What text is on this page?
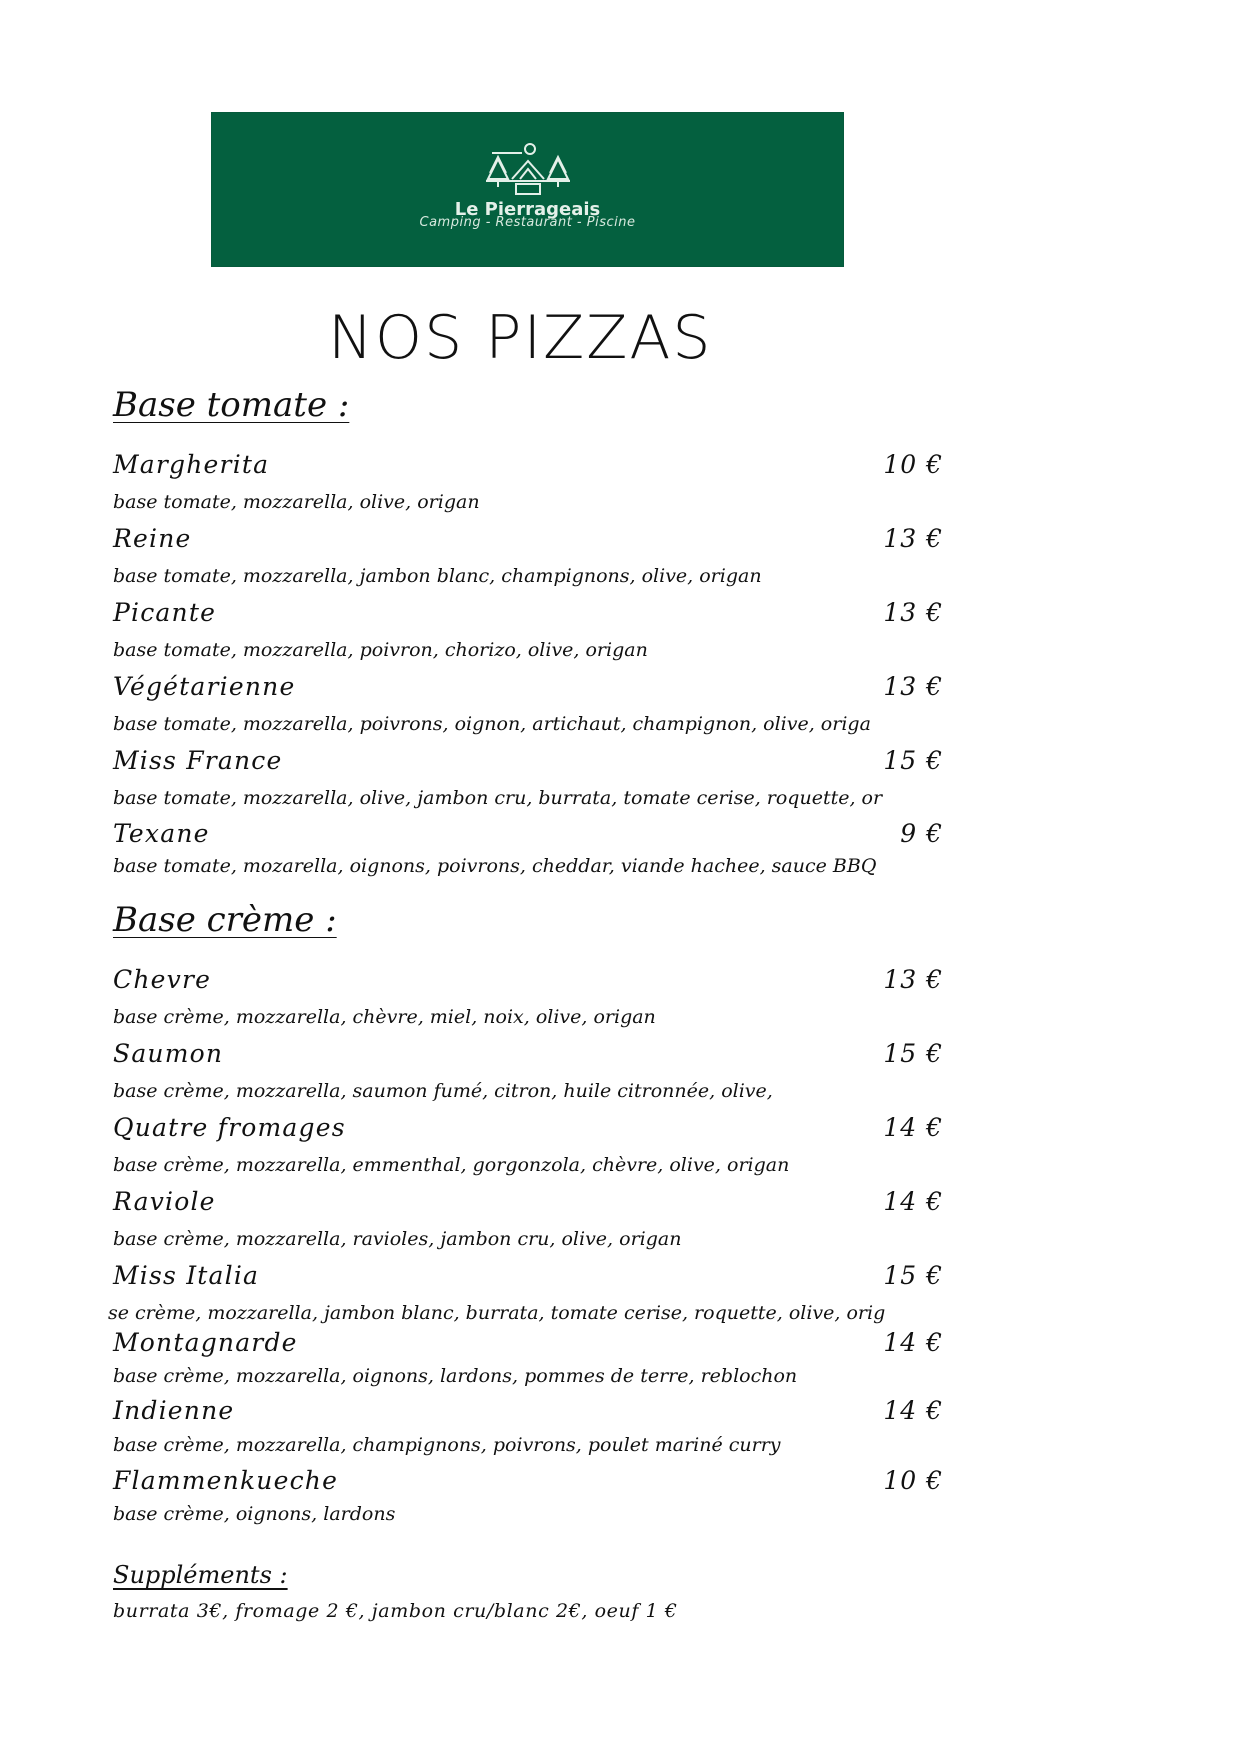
Le Pierrageais
Camping - Restaurant - Piscine
NOS PIZZAS
Base tomate :
Margherita	10 €
base tomate, mozzarella, olive, origan
Reine	13 €
base tomate, mozzarella, jambon blanc, champignons, olive, origan
Picante	13 €
base tomate, mozzarella, poivron, chorizo, olive, origan
Végétarienne	13 €
base tomate, mozzarella, poivrons, oignon, artichaut, champignon, olive, origa
Miss France	15 €
base tomate, mozzarella, olive, jambon cru, burrata, tomate cerise, roquette, or
Texane	9 €
base tomate, mozarella, oignons, poivrons, cheddar, viande hachee, sauce BBQ
Base crème :
Chevre	13 €
base crème, mozzarella, chèvre, miel, noix, olive, origan
Saumon	15 €
base crème, mozzarella, saumon fumé, citron, huile citronnée, olive,
Quatre fromages	14 €
base crème, mozzarella, emmenthal, gorgonzola, chèvre, olive, origan
Raviole	14 €
base crème, mozzarella, ravioles, jambon cru, olive, origan
Miss Italia	15 €
se crème, mozzarella, jambon blanc, burrata, tomate cerise, roquette, olive, orig
Montagnarde	14 €
base crème, mozzarella, oignons, lardons, pommes de terre, reblochon
Indienne	14 €
base crème, mozzarella, champignons, poivrons, poulet mariné curry
Flammenkueche	10 €
base crème, oignons, lardons
Suppléments :
burrata 3€, fromage 2 €, jambon cru/blanc 2€, oeuf 1 €
